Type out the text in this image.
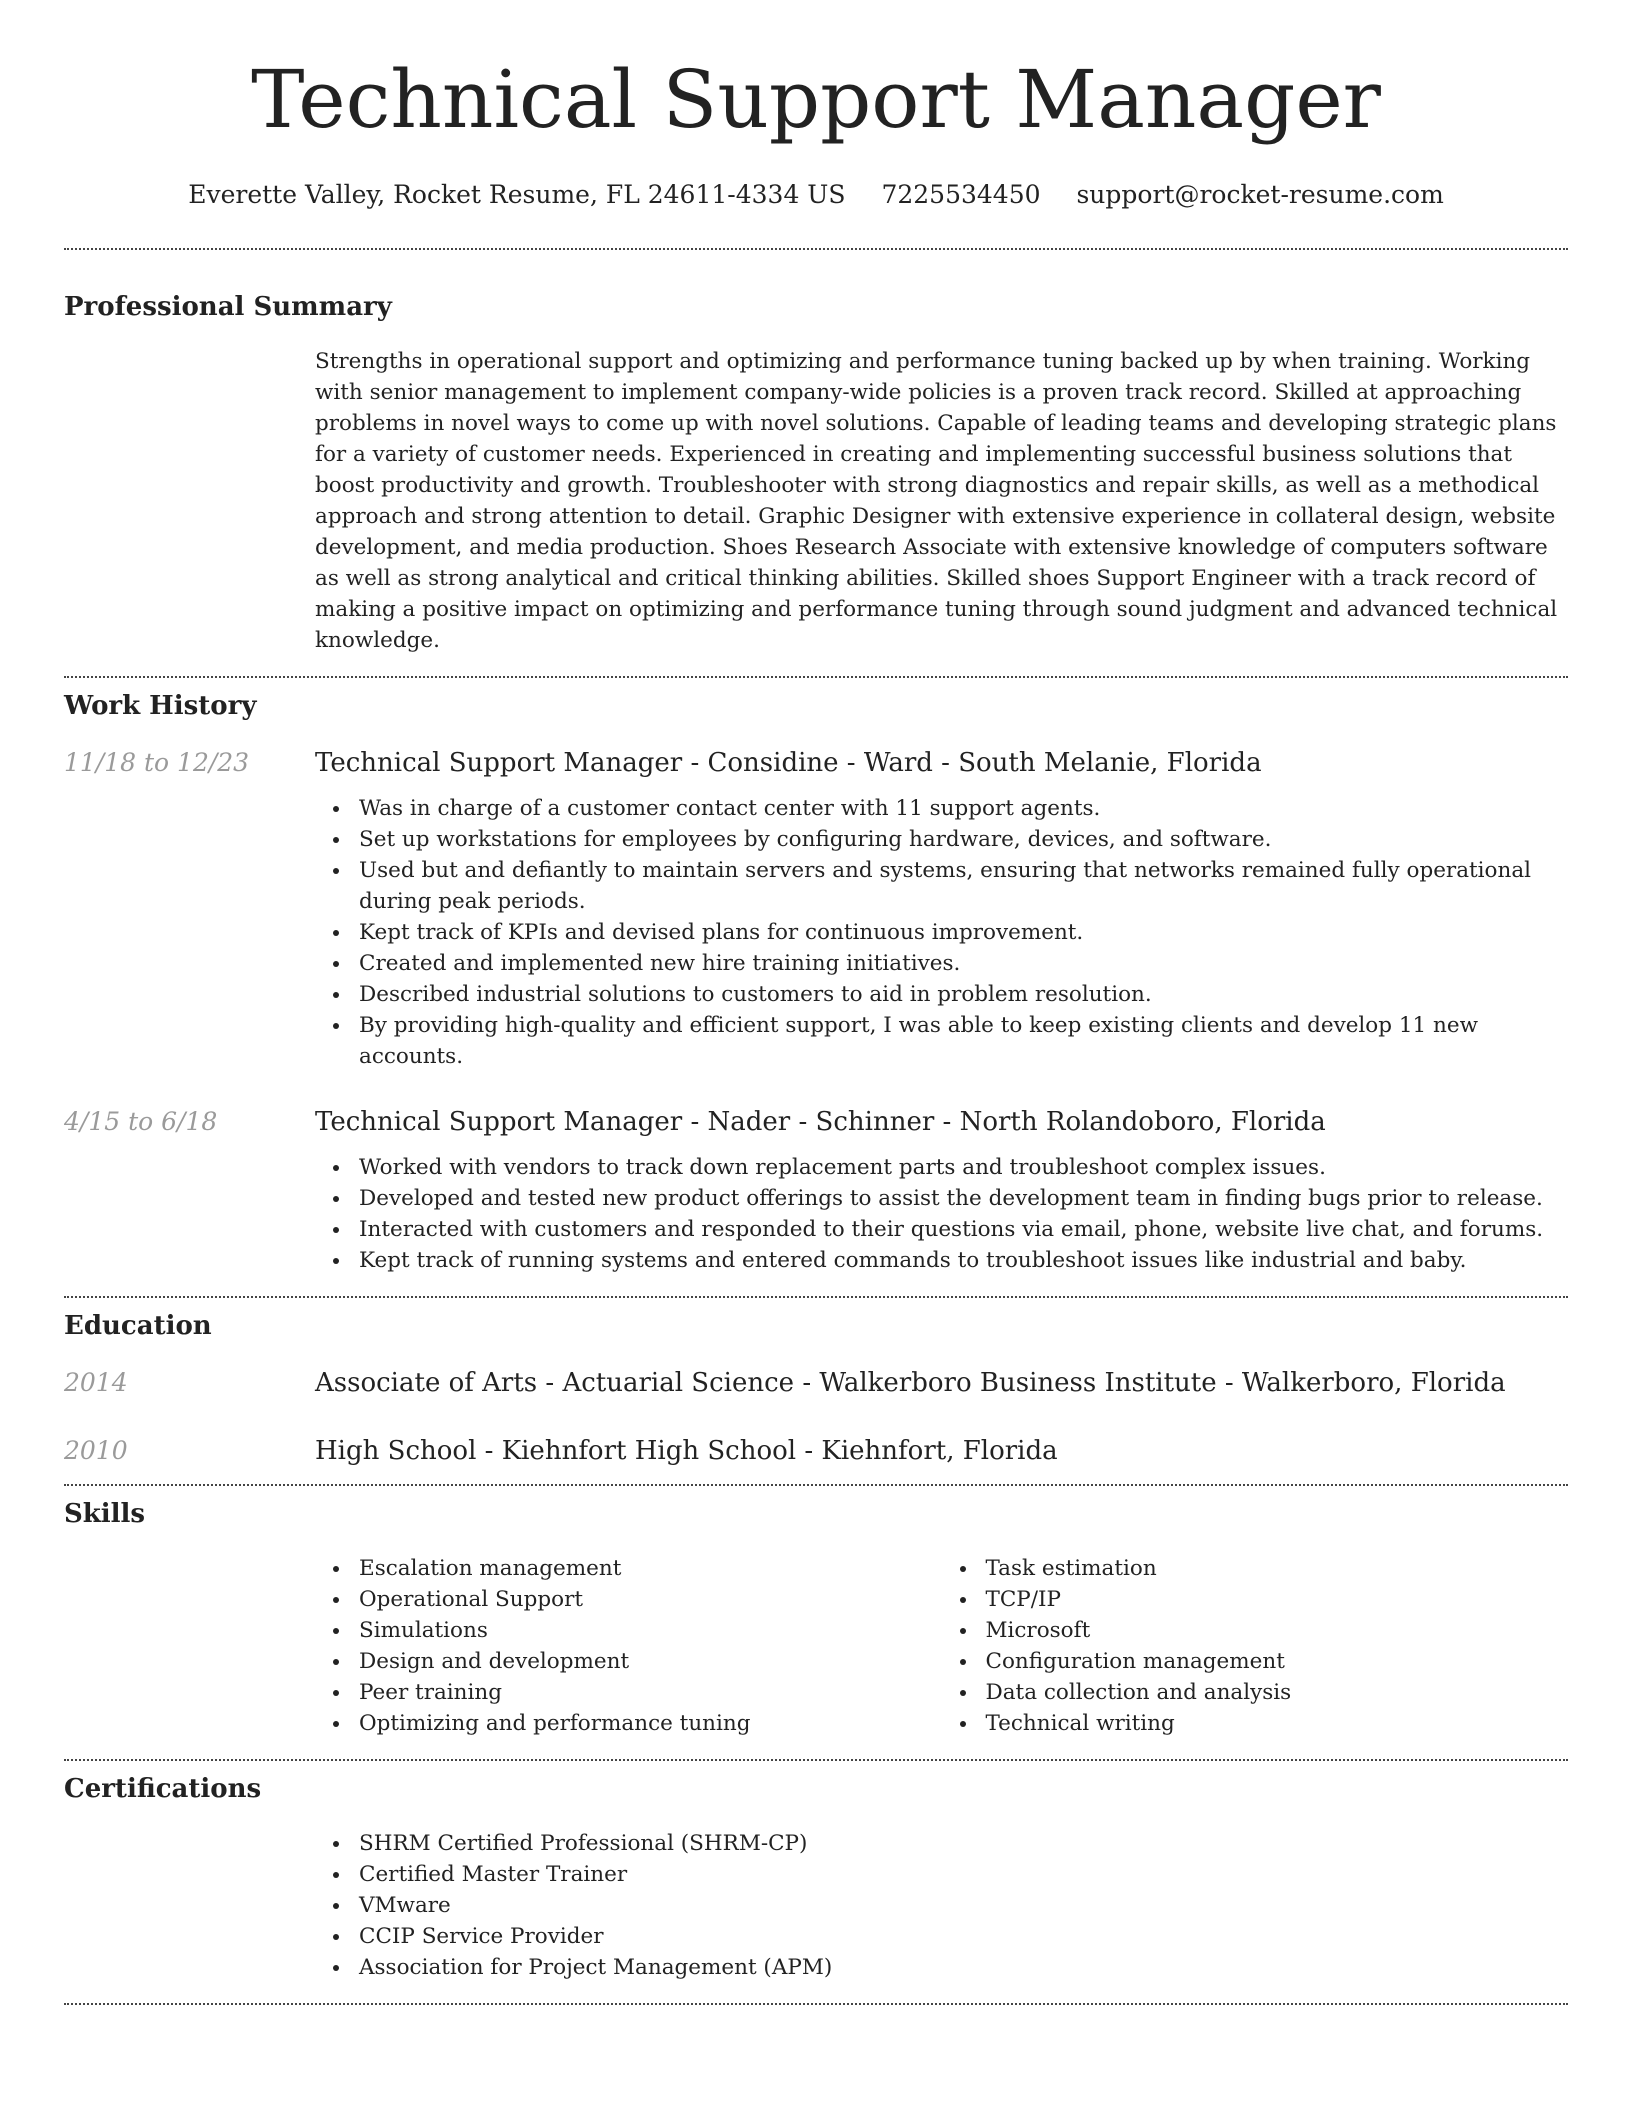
Technical Support Manager
Everette Valley, Rocket Resume, FL 24611-4334 US 7225534450 support@rocket-resume.com
Professional Summary
Strengths in operational support and optimizing and performance tuning backed up by when training. Working with senior management to implement company-wide policies is a proven track record. Skilled at approaching problems in novel ways to come up with novel solutions. Capable of leading teams and developing strategic plans for a variety of customer needs. Experienced in creating and implementing successful business solutions that boost productivity and growth. Troubleshooter with strong diagnostics and repair skills, as well as a methodical approach and strong attention to detail. Graphic Designer with extensive experience in collateral design, website development, and media production. Shoes Research Associate with extensive knowledge of computers software as well as strong analytical and critical thinking abilities. Skilled shoes Support Engineer with a track record of making a positive impact on optimizing and performance tuning through sound judgment and advanced technical knowledge.
Work History
11/18 to 12/23	Technical Support Manager - Considine - Ward - South Melanie, Florida
Was in charge of a customer contact center with 11 support agents.
Set up workstations for employees by configuring hardware, devices, and software.
Used but and defiantly to maintain servers and systems, ensuring that networks remained fully operational during peak periods.
Kept track of KPIs and devised plans for continuous improvement.
Created and implemented new hire training initiatives.
Described industrial solutions to customers to aid in problem resolution.
By providing high-quality and efficient support, I was able to keep existing clients and develop 11 new accounts.
4/15 to 6/18	Technical Support Manager - Nader - Schinner - North Rolandoboro, Florida
Worked with vendors to track down replacement parts and troubleshoot complex issues.
Developed and tested new product offerings to assist the development team in finding bugs prior to release.
Interacted with customers and responded to their questions via email, phone, website live chat, and forums.
Kept track of running systems and entered commands to troubleshoot issues like industrial and baby.
Education
2014	Associate of Arts - Actuarial Science - Walkerboro Business Institute - Walkerboro, Florida
2010	High School - Kiehnfort High School - Kiehnfort, Florida
Skills
Escalation management
Operational Support
Simulations
Design and development
Peer training
Optimizing and performance tuning
Task estimation
TCP/IP
Microsoft
Configuration management
Data collection and analysis
Technical writing
Certifications
SHRM Certified Professional (SHRM-CP)
Certified Master Trainer
VMware
CCIP Service Provider
Association for Project Management (APM)
